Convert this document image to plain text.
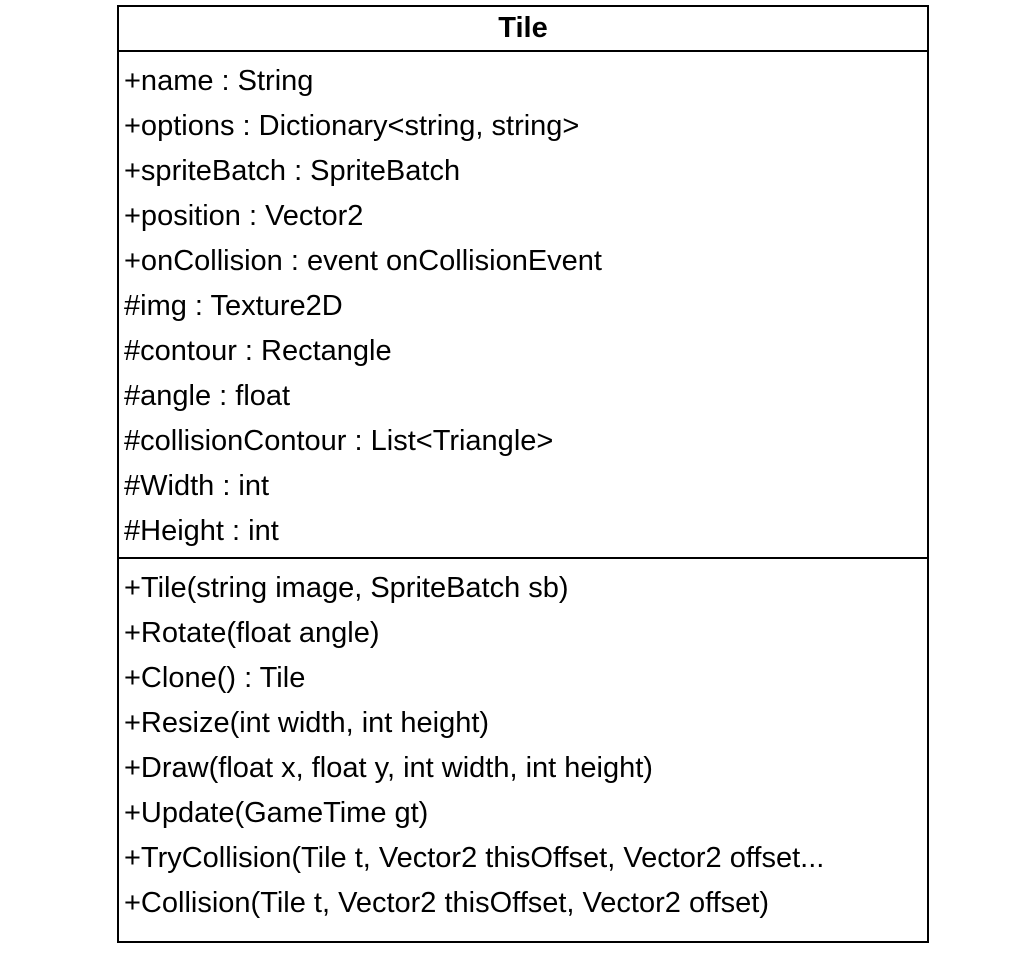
Tile
+name : String
+options : Dictionary<string, string>
+spriteBatch : SpriteBatch
+position : Vector2
+onCollision : event onCollisionEvent
#img : Texture2D
#contour : Rectangle
#angle : float
#collisionContour : List<Triangle>
#Width : int
#Height : int
+Tile(string image, SpriteBatch sb)
+Rotate(float angle)
+Clone() : Tile
+Resize(int width, int height)
+Draw(float x, float y, int width, int height)
+Update(GameTime gt)
+TryCollision(Tile t, Vector2 thisOffset, Vector2 offset...
+Collision(Tile t, Vector2 thisOffset, Vector2 offset)
